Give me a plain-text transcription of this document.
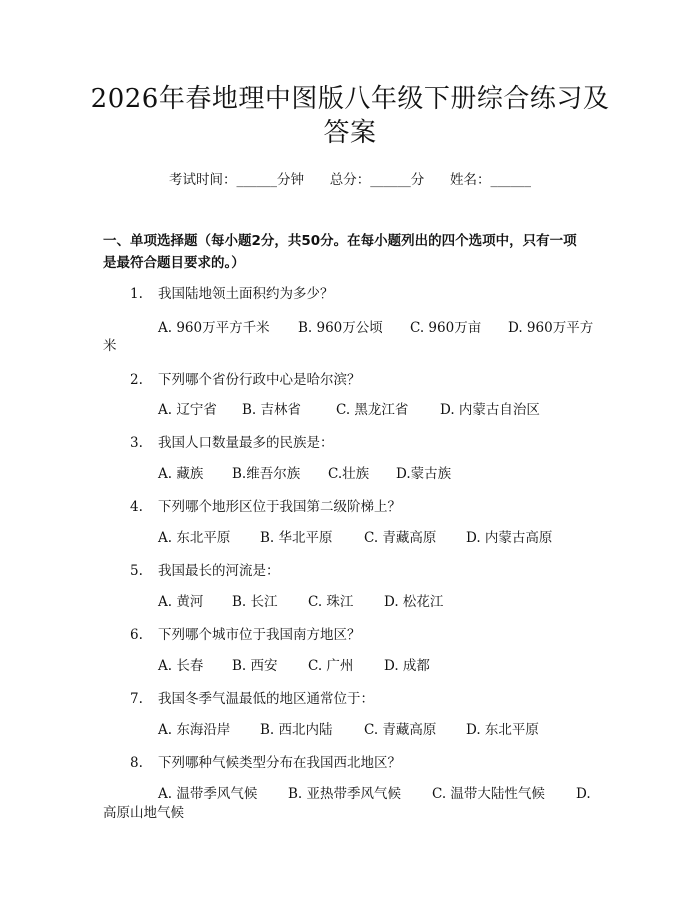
2026年春地理中图版八年级下册综合练习及
答案
考试时间：______分钟      总分：______分      姓名：______
一、单项选择题（每小题2分，共50分。在每小题列出的四个选项中，只有一项
是最符合题目要求的。）
1. 我国陆地领土面积约为多少？
A. 960万平方千米 B. 960万公顷 C. 960万亩 D. 960万平方
米
2. 下列哪个省份行政中心是哈尔滨？
A. 辽宁省 B. 吉林省	C. 黑龙江省 D. 内蒙古自治区
3. 我国人口数量最多的民族是：
A. 藏族 B.维吾尔族 C.壮族 D.蒙古族
4. 下列哪个地形区位于我国第二级阶梯上？
A. 东北平原 B. 华北平原 C. 青藏高原 D. 内蒙古高原
5. 我国最长的河流是：
A. 黄河 B. 长江 C. 珠江 D. 松花江
6. 下列哪个城市位于我国南方地区？
A. 长春 B. 西安 C. 广州 D. 成都
7. 我国冬季气温最低的地区通常位于：
A. 东海沿岸 B. 西北内陆 C. 青藏高原 D. 东北平原
8. 下列哪种气候类型分布在我国西北地区？
A. 温带季风气候 B. 亚热带季风气候 C. 温带大陆性气候 D.
高原山地气候
